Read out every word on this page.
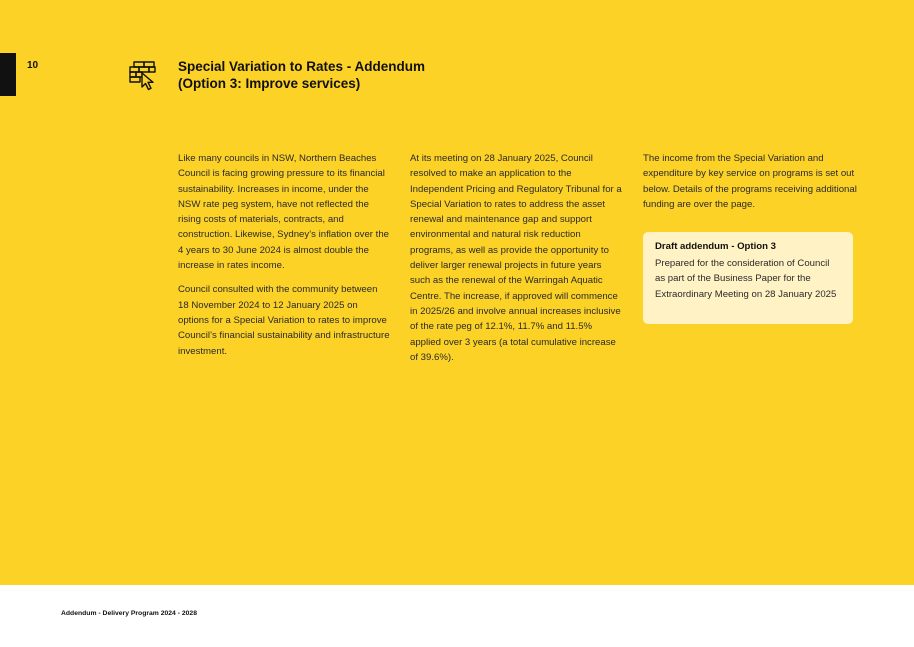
10	Special Variation to Rates - Addendum
(Option 3: Improve services)

Like many councils in NSW, Northern Beaches Council is facing growing pressure to its financial sustainability. Increases in income, under the NSW rate peg system, have not reflected the rising costs of materials, contracts, and construction. Likewise, Sydney’s inflation over the 4 years to 30 June 2024 is almost double the increase in rates income.

Council consulted with the community between 18 November 2024 to 12 January 2025 on options for a Special Variation to rates to improve Council’s financial sustainability and infrastructure investment.

At its meeting on 28 January 2025, Council resolved to make an application to the Independent Pricing and Regulatory Tribunal for a Special Variation to rates to address the asset renewal and maintenance gap and support environmental and natural risk reduction programs, as well as provide the opportunity to deliver larger renewal projects in future years such as the renewal of the Warringah Aquatic Centre. The increase, if approved will commence in 2025/26 and involve annual increases inclusive of the rate peg of 12.1%, 11.7% and 11.5% applied over 3 years (a total cumulative increase of 39.6%).

The income from the Special Variation and expenditure by key service on programs is set out below. Details of the programs receiving additional funding are over the page.

Draft addendum - Option 3
Prepared for the consideration of Council as part of the Business Paper for the Extraordinary Meeting on 28 January 2025
Addendum - Delivery Program 2024 - 2028
